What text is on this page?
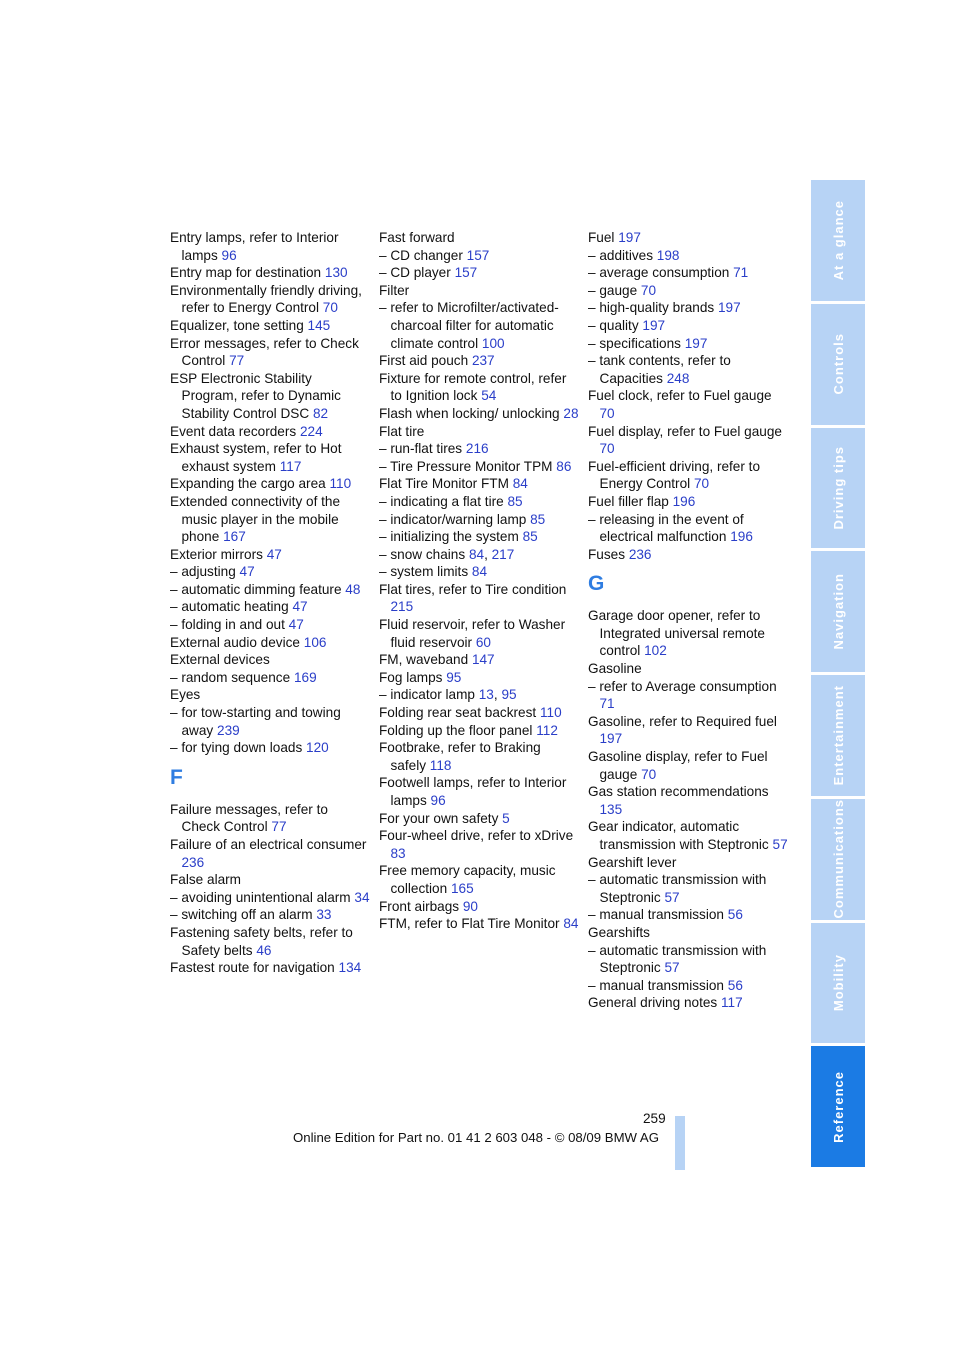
Entry lamps, refer to Interior lamps 96
Entry map for destination 130
Environmentally friendly driving, refer to Energy Control 70
Equalizer, tone setting 145
Error messages, refer to Check Control 77
ESP Electronic Stability Program, refer to Dynamic Stability Control DSC 82
Event data recorders 224
Exhaust system, refer to Hot exhaust system 117
Expanding the cargo area 110
Extended connectivity of the music player in the mobile phone 167
Exterior mirrors 47
– adjusting 47
– automatic dimming feature 48
– automatic heating 47
– folding in and out 47
External audio device 106
External devices
– random sequence 169
Eyes
– for tow-starting and towing away 239
– for tying down loads 120
F
Failure messages, refer to Check Control 77
Failure of an electrical consumer 236
False alarm
– avoiding unintentional alarm 34
– switching off an alarm 33
Fastening safety belts, refer to Safety belts 46
Fastest route for navigation 134
Fast forward
– CD changer 157
– CD player 157
Filter
– refer to Microfilter/activated-charcoal filter for automatic climate control 100
First aid pouch 237
Fixture for remote control, refer to Ignition lock 54
Flash when locking/ unlocking 28
Flat tire
– run-flat tires 216
– Tire Pressure Monitor TPM 86
Flat Tire Monitor FTM 84
– indicating a flat tire 85
– indicator/warning lamp 85
– initializing the system 85
– snow chains 84, 217
– system limits 84
Flat tires, refer to Tire condition 215
Fluid reservoir, refer to Washer fluid reservoir 60
FM, waveband 147
Fog lamps 95
– indicator lamp 13, 95
Folding rear seat backrest 110
Folding up the floor panel 112
Footbrake, refer to Braking safely 118
Footwell lamps, refer to Interior lamps 96
For your own safety 5
Four-wheel drive, refer to xDrive 83
Free memory capacity, music collection 165
Front airbags 90
FTM, refer to Flat Tire Monitor 84
Fuel 197
– additives 198
– average consumption 71
– gauge 70
– high-quality brands 197
– quality 197
– specifications 197
– tank contents, refer to Capacities 248
Fuel clock, refer to Fuel gauge 70
Fuel display, refer to Fuel gauge 70
Fuel-efficient driving, refer to Energy Control 70
Fuel filler flap 196
– releasing in the event of electrical malfunction 196
Fuses 236
G
Garage door opener, refer to Integrated universal remote control 102
Gasoline
– refer to Average consumption 71
Gasoline, refer to Required fuel 197
Gasoline display, refer to Fuel gauge 70
Gas station recommendations 135
Gear indicator, automatic transmission with Steptronic 57
Gearshift lever
– automatic transmission with Steptronic 57
– manual transmission 56
Gearshifts
– automatic transmission with Steptronic 57
– manual transmission 56
General driving notes 117
At a glance
Controls
Driving tips
Navigation
Entertainment
Communications
Mobility
Reference
259
Online Edition for Part no. 01 41 2 603 048 - © 08/09 BMW AG
